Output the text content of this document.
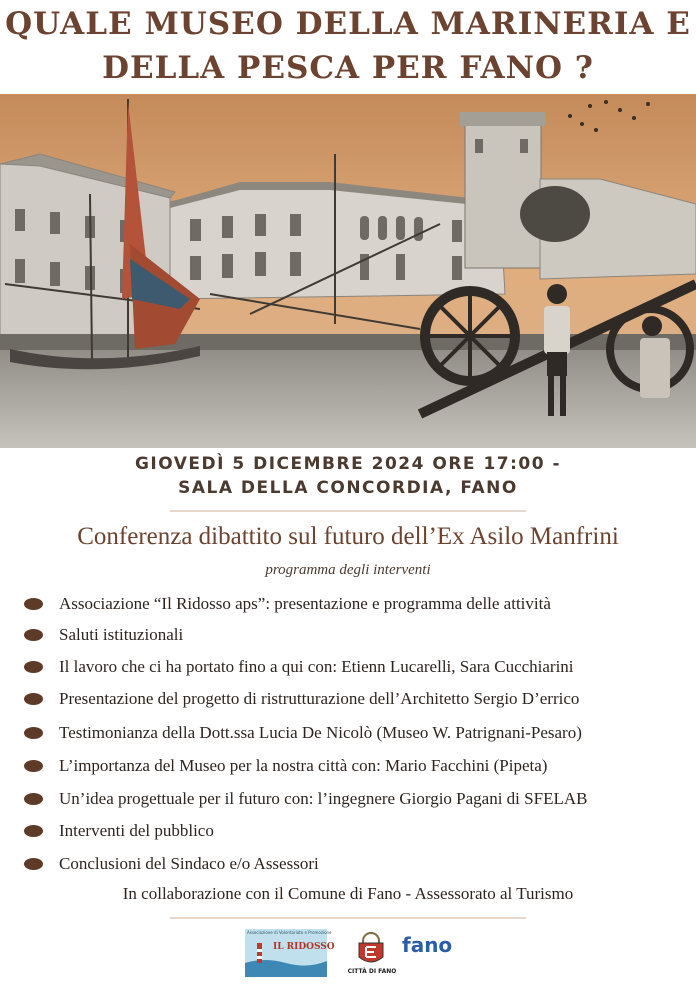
QUALE MUSEO DELLA MARINERIA E
DELLA PESCA PER FANO ?
GIOVEDÌ 5 DICEMBRE 2024 ORE 17:00 -
SALA DELLA CONCORDIA, FANO
Conferenza dibattito sul futuro dell’Ex Asilo Manfrini
programma degli interventi
Associazione “Il Ridosso aps”: presentazione e programma delle attività
Saluti istituzionali
Il lavoro che ci ha portato fino a qui con: Etienn Lucarelli, Sara Cucchiarini
Presentazione del progetto di ristrutturazione dell’Architetto Sergio D’errico
Testimonianza della Dott.ssa Lucia De Nicolò (Museo W. Patrignani-Pesaro)
L’importanza del Museo per la nostra città con: Mario Facchini (Pipeta)
Un’idea progettuale per il futuro con: l’ingegnere Giorgio Pagani di SFELAB
Interventi del pubblico
Conclusioni del Sindaco e/o Assessori
In collaborazione con il Comune di Fano - Assessorato al Turismo
Associazione di Volontariato e Promozione
IL RIDOSSO
CITTÀ DI FANO
fano
